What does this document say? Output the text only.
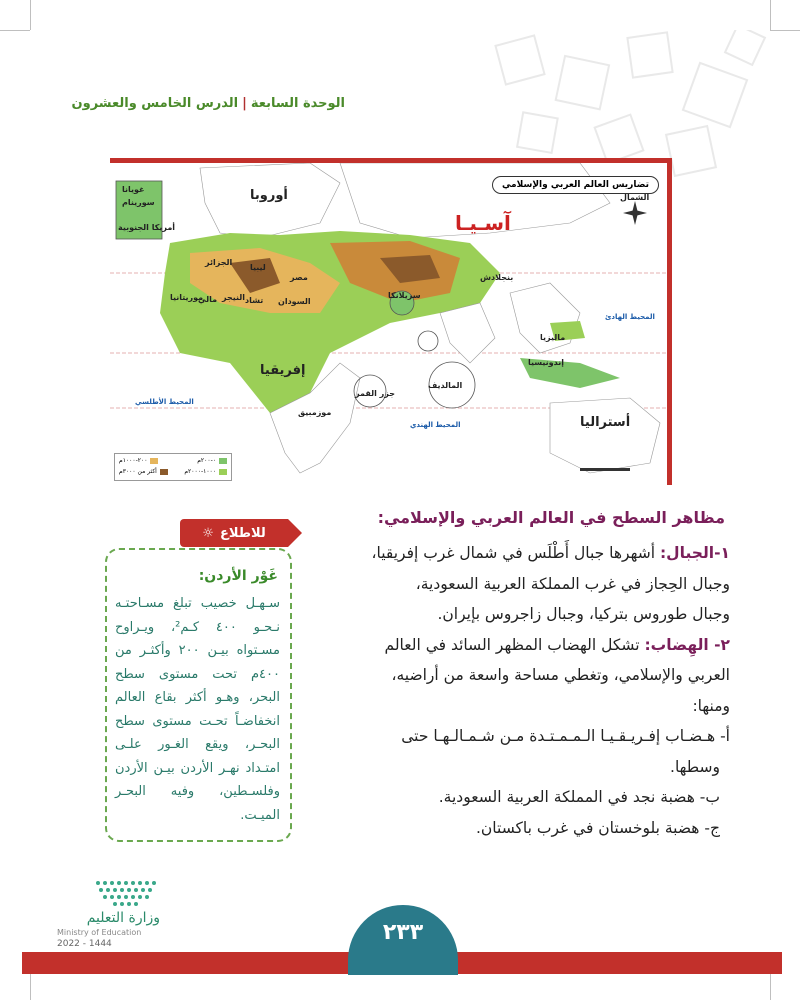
الوحدة السابعة|الدرس الخامس والعشرون
تضاريس العالم العربي والإسلامي
أوروبا
آسـيـا
إفريقيا
أستراليا
المحيط الأطلسي
المحيط الهندي
المحيط الهادئ
الشمال
غويانا
سورينام
أمريكا الجنوبية
موريتانيا
مالي النيجر تشاد السودان
مصر
ليبيا
الجزائر
بنجلادش
سريلانكا
المالديف
جزر القمر
موزمبيق
ماليزيا
إندونيسيا
٠-٢٠٠م
٢٠٠-١٠٠٠م
١٠٠٠-٢٠٠٠م
أكثر من ٣٠٠٠م
مظاهر السطح في العالم العربي والإسلامي:

١-الجبال: أشهرها جبال أَطْلَس في شمال غرب إفريقيا،

وجبال الحِجاز في غرب المملكة العربية السعودية،

وجبال طوروس بتركيا، وجبال زاجروس بإيران.

٢- الهِضاب: تشكل الهضاب المظهر السائد في العالم

العربي والإسلامي، وتغطي مساحة واسعة من أراضيه،

ومنها:

أ- هـضـاب إفـريـقـيـا الـمـمـتـدة مـن شـمـالـهـا حتى

وسطها.

ب- هضبة نجد في المملكة العربية السعودية.

ج- هضبة بلوخستان في غرب باكستان.

للاطلاع
☼
غَوْر الأردن:
سـهـل خصيب تبلغ مسـاحتـه نـحـو ٤٠٠ كـم²، ويـراوح مسـتواه بيـن ٢٠٠ وأكثـر من ٤٠٠م تحت مستوى سطح البحر، وهـو أكثر بقاع العالم انخفاضـاً تحـت مستوى سطح البحـر، ويقع الغـور علـى امتـداد نهـر الأردن بيـن الأردن وفلسـطين، وفيه البحـر الميـت.
وزارة التعليم
Ministry of Education
2022 - 1444	٢٣٣
